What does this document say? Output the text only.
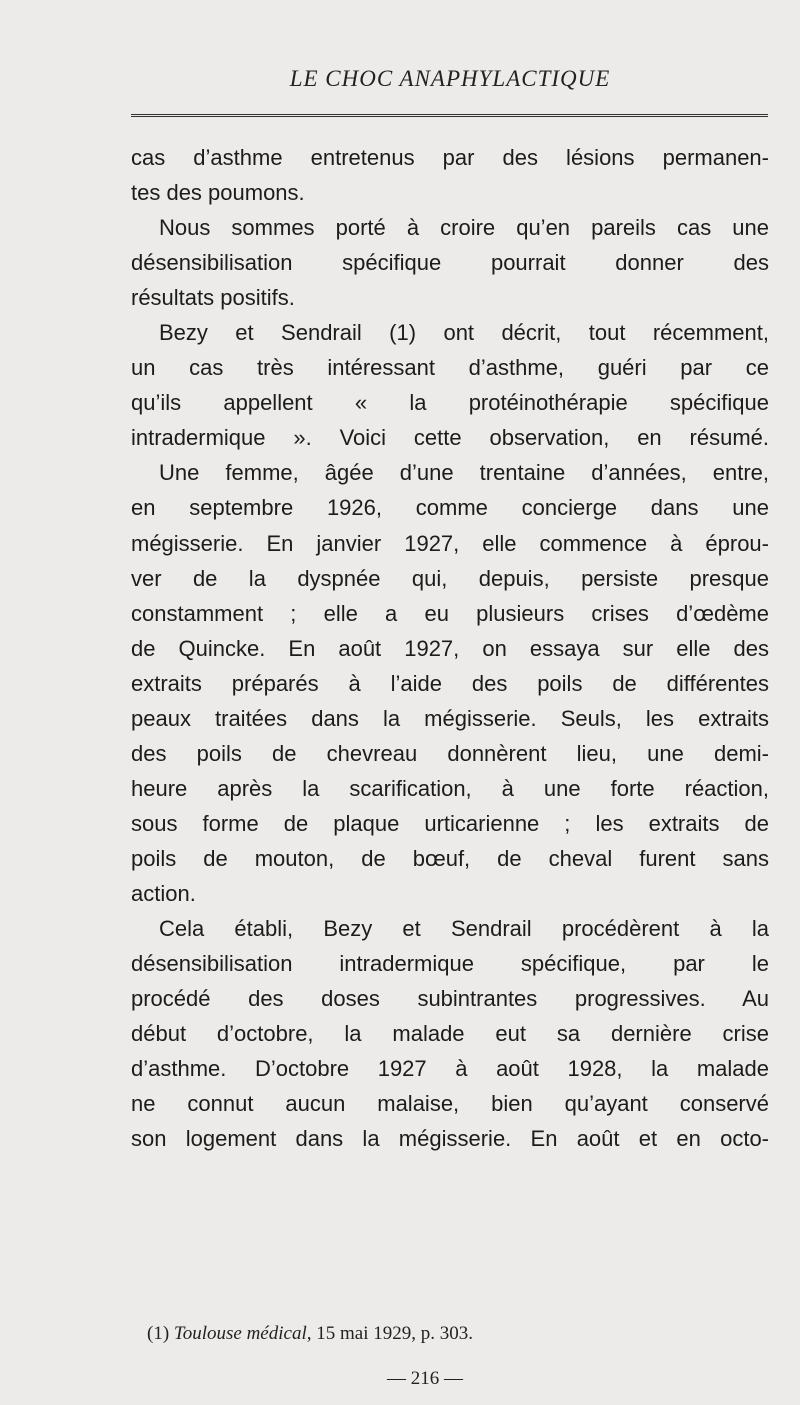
LE CHOC ANAPHYLACTIQUE
cas d’asthme entretenus par des lésions permanen-
tes des poumons.
Nous sommes porté à croire qu’en pareils cas une
désensibilisation spécifique pourrait donner des
résultats positifs.
Bezy et Sendrail (1) ont décrit, tout récemment,
un cas très intéressant d’asthme, guéri par ce
qu’ils appellent « la protéinothérapie spécifique
intradermique ». Voici cette observation, en résumé.
Une femme, âgée d’une trentaine d’années, entre,
en septembre 1926, comme concierge dans une
mégisserie. En janvier 1927, elle commence à éprou-
ver de la dyspnée qui, depuis, persiste presque
constamment ; elle a eu plusieurs crises d’œdème
de Quincke. En août 1927, on essaya sur elle des
extraits préparés à l’aide des poils de différentes
peaux traitées dans la mégisserie. Seuls, les extraits
des poils de chevreau donnèrent lieu, une demi-
heure après la scarification, à une forte réaction,
sous forme de plaque urticarienne ; les extraits de
poils de mouton, de bœuf, de cheval furent sans
action.
Cela établi, Bezy et Sendrail procédèrent à la
désensibilisation intradermique spécifique, par le
procédé des doses subintrantes progressives. Au
début d’octobre, la malade eut sa dernière crise
d’asthme. D’octobre 1927 à août 1928, la malade
ne connut aucun malaise, bien qu’ayant conservé
son logement dans la mégisserie. En août et en octo-
(1) Toulouse médical, 15 mai 1929, p. 303.
— 216 —
